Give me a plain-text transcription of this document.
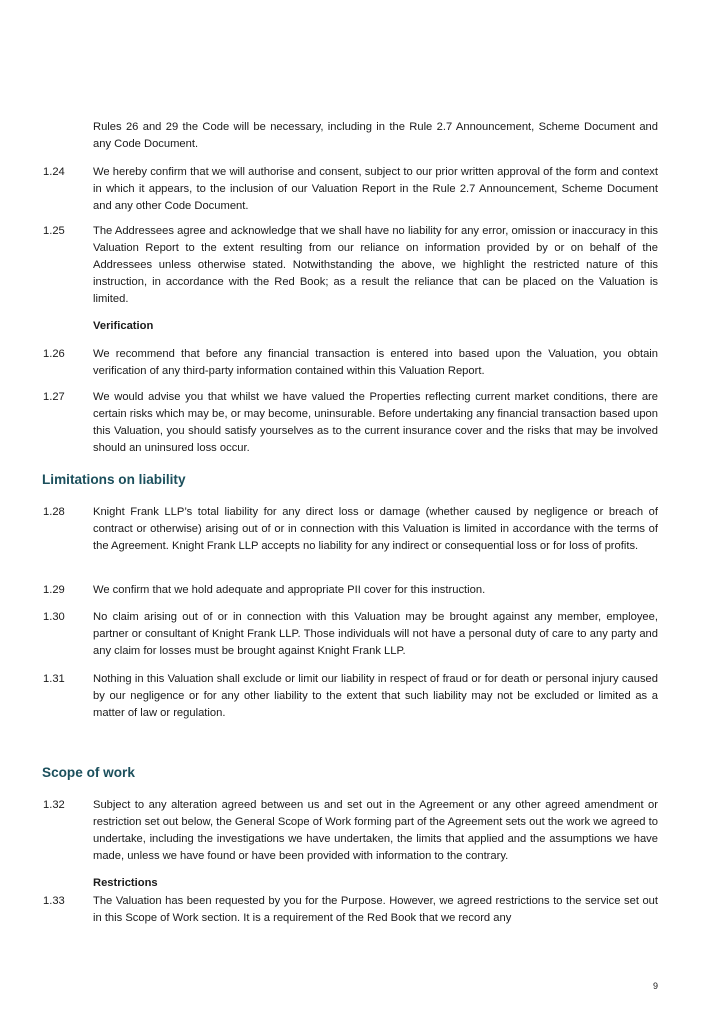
Rules 26 and 29 the Code will be necessary, including in the Rule 2.7 Announcement, Scheme Document and any Code Document.
1.24	We hereby confirm that we will authorise and consent, subject to our prior written approval of the form and context in which it appears, to the inclusion of our Valuation Report in the Rule 2.7 Announcement, Scheme Document and any other Code Document.
1.25	The Addressees agree and acknowledge that we shall have no liability for any error, omission or inaccuracy in this Valuation Report to the extent resulting from our reliance on information provided by or on behalf of the Addressees unless otherwise stated. Notwithstanding the above, we highlight the restricted nature of this instruction, in accordance with the Red Book; as a result the reliance that can be placed on the Valuation is limited.
Verification
1.26	We recommend that before any financial transaction is entered into based upon the Valuation, you obtain verification of any third-party information contained within this Valuation Report.
1.27	We would advise you that whilst we have valued the Properties reflecting current market conditions, there are certain risks which may be, or may become, uninsurable. Before undertaking any financial transaction based upon this Valuation, you should satisfy yourselves as to the current insurance cover and the risks that may be involved should an uninsured loss occur.
Limitations on liability
1.28	Knight Frank LLP’s total liability for any direct loss or damage (whether caused by negligence or breach of contract or otherwise) arising out of or in connection with this Valuation is limited in accordance with the terms of the Agreement. Knight Frank LLP accepts no liability for any indirect or consequential loss or for loss of profits.
1.29	We confirm that we hold adequate and appropriate PII cover for this instruction.
1.30	No claim arising out of or in connection with this Valuation may be brought against any member, employee, partner or consultant of Knight Frank LLP. Those individuals will not have a personal duty of care to any party and any claim for losses must be brought against Knight Frank LLP.
1.31	Nothing in this Valuation shall exclude or limit our liability in respect of fraud or for death or personal injury caused by our negligence or for any other liability to the extent that such liability may not be excluded or limited as a matter of law or regulation.
Scope of work
1.32	Subject to any alteration agreed between us and set out in the Agreement or any other agreed amendment or restriction set out below, the General Scope of Work forming part of the Agreement sets out the work we agreed to undertake, including the investigations we have undertaken, the limits that applied and the assumptions we have made, unless we have found or have been provided with information to the contrary.
Restrictions
1.33	The Valuation has been requested by you for the Purpose. However, we agreed restrictions to the service set out in this Scope of Work section. It is a requirement of the Red Book that we record any
9
